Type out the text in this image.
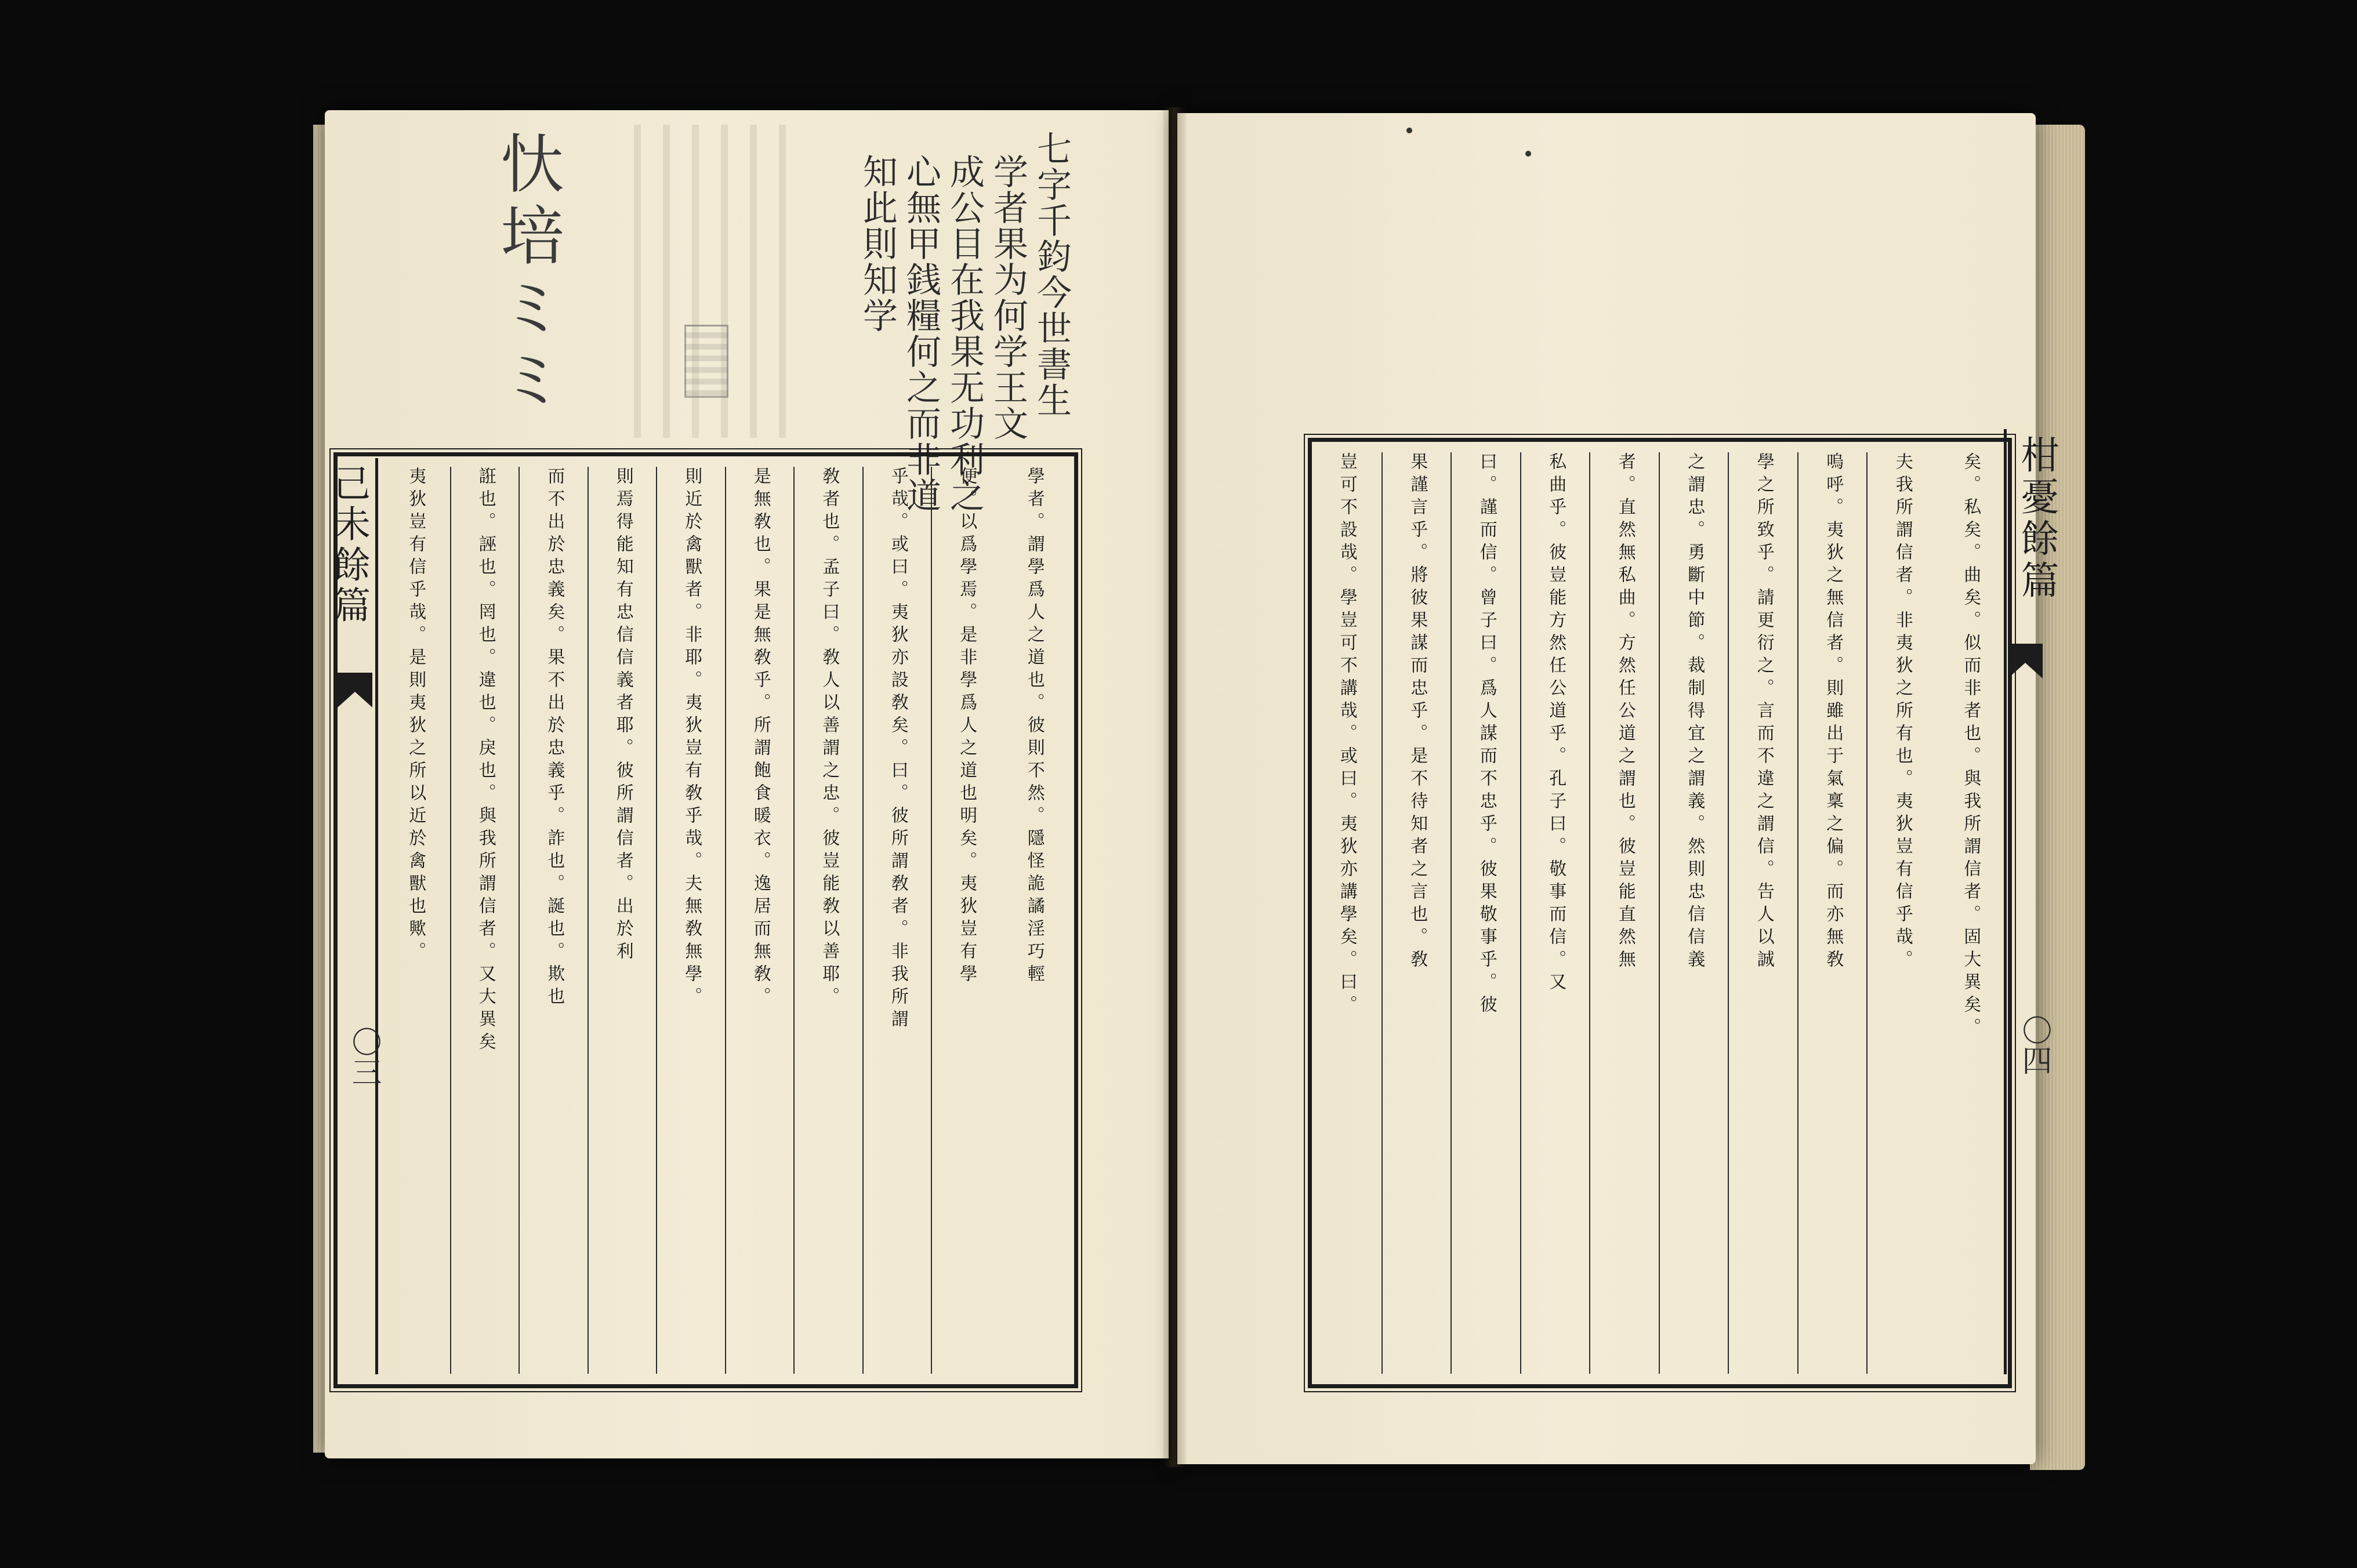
七字千鈞今世書生
学者果为何学王文
成公目在我果无功利之
心無甲銭糧何之而非道
知此則知学
忕培ミミ
己未餘篇
〇三
學者。謂學爲人之道也。彼則不然。隱怪詭譎淫巧輕
便。以爲學焉。是非學爲人之道也明矣。夷狄豈有學
乎哉。或曰。夷狄亦設敎矣。曰。彼所謂敎者。非我所謂
敎者也。孟子曰。敎人以善謂之忠。彼豈能敎以善耶。
是無敎也。果是無敎乎。所謂飽食暖衣。逸居而無敎。
則近於禽獸者。非耶。夷狄豈有敎乎哉。夫無敎無學。
則焉得能知有忠信信義者耶。彼所謂信者。出於利
而不出於忠義矣。果不出於忠義乎。詐也。誕也。欺也
誑也。誣也。罔也。違也。戾也。與我所謂信者。又大異矣
夷狄豈有信乎哉。是則夷狄之所以近於禽獸也歟。	矣。私矣。曲矣。似而非者也。與我所謂信者。固大異矣。
夫我所謂信者。非夷狄之所有也。夷狄豈有信乎哉。
嗚呼。夷狄之無信者。則雖出于氣稟之偏。而亦無敎
學之所致乎。請更衍之。言而不違之謂信。告人以誠
之謂忠。勇斷中節。裁制得宜之謂義。然則忠信信義
者。直然無私曲。方然任公道之謂也。彼豈能直然無
私曲乎。彼豈能方然任公道乎。孔子曰。敬事而信。又
曰。謹而信。曾子曰。爲人謀而不忠乎。彼果敬事乎。彼
果謹言乎。將彼果謀而忠乎。是不待知者之言也。敎
豈可不設哉。學豈可不講哉。或曰。夷狄亦講學矣。曰。	柑憂餘篇
〇四
